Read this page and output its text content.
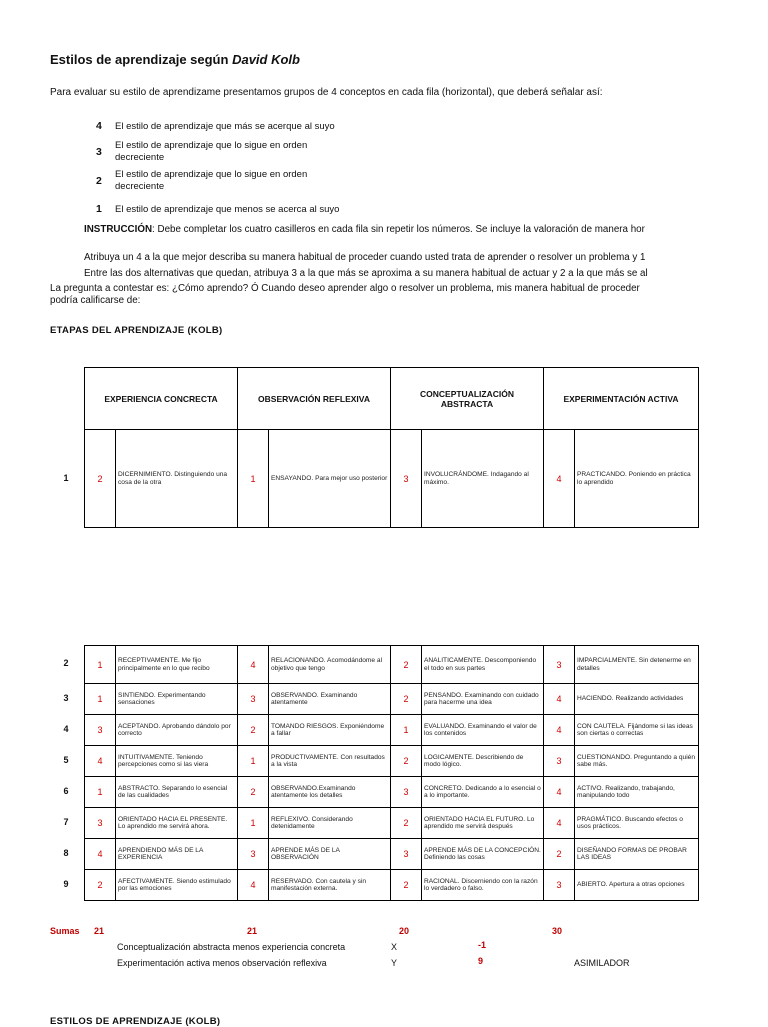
Estilos de aprendizaje según David Kolb
Para evaluar su estilo de aprendizame presentamos grupos de 4 conceptos en cada fila (horizontal), que deberá señalar así:
4 El estilo de aprendizaje que más se acerque al suyo
3
El estilo de aprendizaje que lo sigue en orden decreciente
2
El estilo de aprendizaje que lo sigue en orden decreciente
1 El estilo de aprendizaje que menos se acerca al suyo
INSTRUCCIÓN: Debe completar los cuatro casilleros en cada fila sin repetir los números. Se incluye la valoración de manera hor
Atribuya un 4 a la que mejor describa su manera habitual de proceder cuando usted trata de aprender o resolver un problema y 1
Entre las dos alternativas que quedan, atribuya 3 a la que más se aproxima a su manera habitual de actuar y 2 a la que más se al
La pregunta a contestar es: ¿Cómo aprendo? Ó Cuando deseo aprender algo o resolver un problema, mis manera habitual de proceder
podría calificarse de:
ETAPAS DEL APRENDIZAJE (KOLB)
EXPERIENCIA CONCRECTA		OBSERVACIÓN REFLEXIVA		CONCEPTUALIZACIÓN ABSTRACTA		EXPERIMENTACIÓN ACTIVA	
2	DICERNIMIENTO. Distinguiendo una cosa de la otra	1	ENSAYANDO. Para mejor uso posterior	3	INVOLUCRÁNDOME. Indagando al máximo.	4	PRACTICANDO. Poniendo en práctica lo aprendido
1
1	RECEPTIVAMENTE. Me fijo principalmente en lo que recibo	4	RELACIONANDO. Acomodándome al objetivo que tengo	2	ANALITICAMENTE. Descomponiendo el todo en sus partes	3	IMPARCIALMENTE. Sin detenerme en detalles
1	SINTIENDO. Experimentando sensaciones	3	OBSERVANDO. Examinando atentamente	2	PENSANDO. Examinando con cuidado para hacerme una idea	4	HACIENDO. Realizando actividades
3	ACEPTANDO. Aprobando dándolo por correcto	2	TOMANDO RIESGOS. Exponiéndome a fallar	1	EVALUANDO. Examinando el valor de los contenidos	4	CON CAUTELA. Fijándome si las ideas son ciertas o correctas
4	INTUITIVAMENTE. Teniendo percepciones como si las viera	1	PRODUCTIVAMENTE. Con resultados a la vista	2	LOGICAMENTE. Describiendo de modo lógico.	3	CUESTIONANDO. Preguntando a quién sabe más.
1	ABSTRACTO. Separando lo esencial de las cualidades	2	OBSERVANDO.Examinando atentamente los detalles	3	CONCRETO. Dedicando a lo esencial o a lo importante.	4	ACTIVO. Realizando, trabajando, manipulando todo
3	ORIENTADO HACIA EL PRESENTE. Lo aprendido me servirá ahora.	1	REFLEXIVO. Considerando detenidamente	2	ORIENTADO HACIA EL FUTURO. Lo aprendido me servirá después	4	PRAGMÁTICO. Buscando efectos o usos prácticos.
4	APRENDIENDO MÁS DE LA EXPERIENCIA	3	APRENDE MÁS DE LA OBSERVACIÓN	3	APRENDE MÁS DE LA CONCEPCIÓN. Definiendo las cosas	2	DISEÑANDO FORMAS DE PROBAR LAS IDEAS
2	AFECTIVAMENTE. Siendo estimulado por las emociones	4	RESERVADO. Con cautela y sin manifestación externa.	2	RACIONAL. Discerniendo con la razón lo verdadero o falso.	3	ABIERTO. Apertura a otras opciones
2
3
4
5
6
7
8
9
Sumas 21	21	20	30
Conceptualización abstracta menos experiencia concreta	X	-1
Experimentación activa menos observación reflexiva	Y	9	ASIMILADOR
ESTILOS DE APRENDIZAJE (KOLB)
